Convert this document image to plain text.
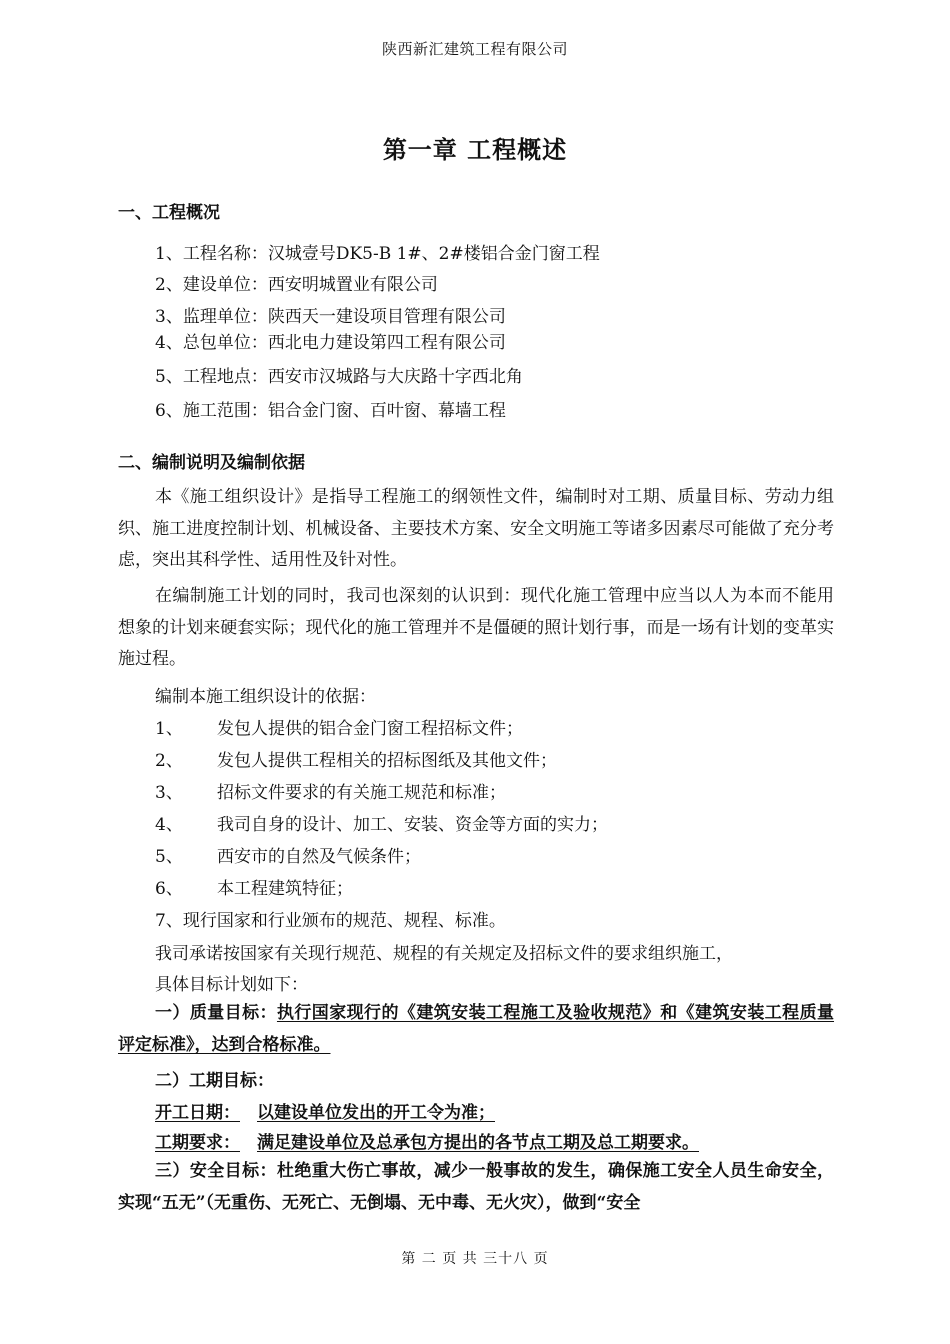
陕西新汇建筑工程有限公司
第一章 工程概述
一、工程概况
1、工程名称：汉城壹号DK5-B 1#、2#楼铝合金门窗工程
2、建设单位：西安明城置业有限公司
3、监理单位：陕西天一建设项目管理有限公司
4、总包单位：西北电力建设第四工程有限公司
5、工程地点：西安市汉城路与大庆路十字西北角
6、施工范围：铝合金门窗、百叶窗、幕墙工程
二、编制说明及编制依据
本《施工组织设计》是指导工程施工的纲领性文件，编制时对工期、质量目标、劳动力组织、施工进度控制计划、机械设备、主要技术方案、安全文明施工等诸多因素尽可能做了充分考虑，突出其科学性、适用性及针对性。
在编制施工计划的同时，我司也深刻的认识到：现代化施工管理中应当以人为本而不能用想象的计划来硬套实际；现代化的施工管理并不是僵硬的照计划行事，而是一场有计划的变革实施过程。
编制本施工组织设计的依据：
1、 发包人提供的铝合金门窗工程招标文件；
2、 发包人提供工程相关的招标图纸及其他文件；
3、 招标文件要求的有关施工规范和标准；
4、 我司自身的设计、加工、安装、资金等方面的实力；
5、 西安市的自然及气候条件；
6、 本工程建筑特征；
7、现行国家和行业颁布的规范、规程、标准。
我司承诺按国家有关现行规范、规程的有关规定及招标文件的要求组织施工，
具体目标计划如下：
一）质量目标：执行国家现行的《建筑安装工程施工及验收规范》和《建筑安装工程质量评定标准》，达到合格标准。
二）工期目标：
开工日期： 以建设单位发出的开工令为准；
工期要求： 满足建设单位及总承包方提出的各节点工期及总工期要求。
三）安全目标：杜绝重大伤亡事故，减少一般事故的发生，确保施工安全人员生命安全，实现“五无”（无重伤、无死亡、无倒塌、无中毒、无火灾），做到“安全
第 二 页 共 三十八 页
